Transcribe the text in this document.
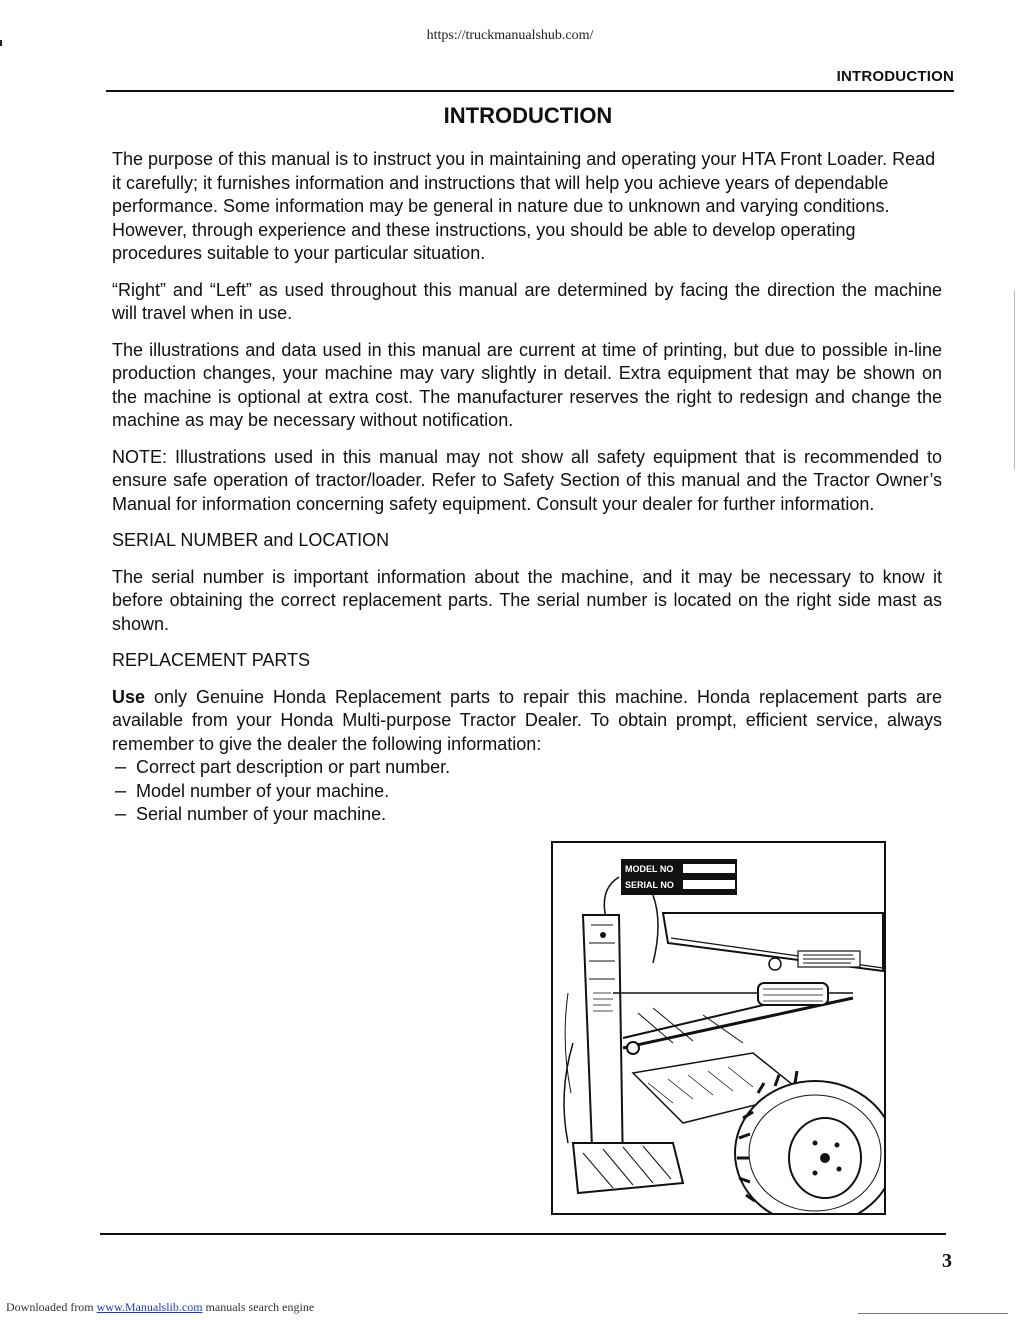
https://truckmanualshub.com/
INTRODUCTION
INTRODUCTION

The purpose of this manual is to instruct you in maintaining and operating your HTA Front Loader. Read it carefully; it furnishes information and instructions that will help you achieve years of dependable performance. Some information may be general in nature due to unknown and varying conditions. However, through experience and these instructions, you should be able to develop operating procedures suitable to your particular situation.

“Right” and “Left” as used throughout this manual are determined by facing the direction the machine will travel when in use.

The illustrations and data used in this manual are current at time of printing, but due to possible in-line production changes, your machine may vary slightly in detail. Extra equipment that may be shown on the machine is optional at extra cost. The manufacturer reserves the right to redesign and change the machine as may be necessary without notification.

NOTE: Illustrations used in this manual may not show all safety equipment that is recommended to ensure safe operation of tractor/loader. Refer to Safety Section of this manual and the Tractor Owner’s Manual for information concerning safety equipment. Consult your dealer for further information.

SERIAL NUMBER and LOCATION

The serial number is important information about the machine, and it may be necessary to know it before obtaining the correct replacement parts. The serial number is located on the right side mast as shown.

REPLACEMENT PARTS

Use only Genuine Honda Replacement parts to repair this machine. Honda replacement parts are available from your Honda Multi-purpose Tractor Dealer. To obtain prompt, efficient service, always remember to give the dealer the following information:

– Correct part description or part number.
– Model number of your machine.
– Serial number of your machine.
MODEL NO
SERIAL NO
3
Downloaded from www.Manualslib.com manuals search engine
